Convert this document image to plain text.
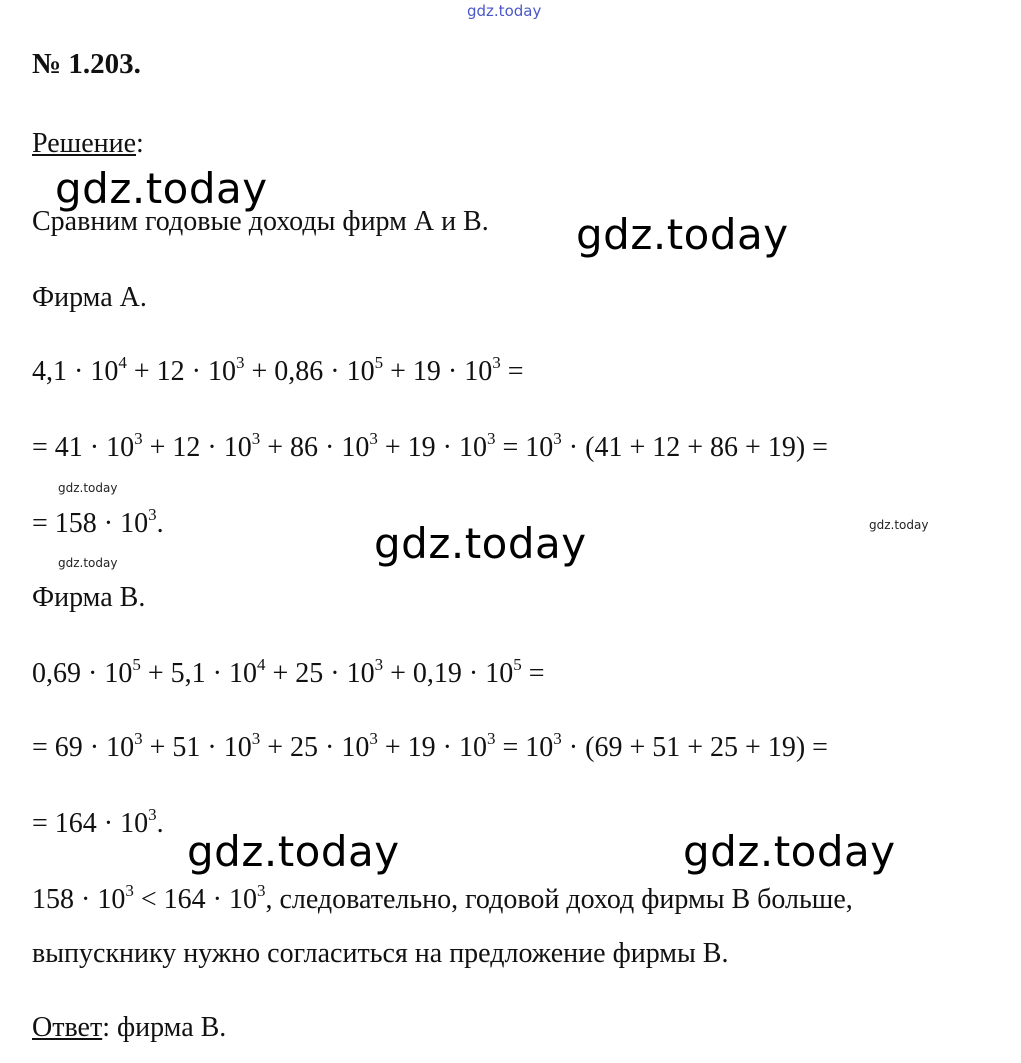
gdz.today
gdz.today
gdz.today
gdz.today
gdz.today
gdz.today
gdz.today
gdz.today	gdz.today
№ 1.203.
Решение:
Сравним годовые доходы фирм А и В.
Фирма А.
$4,1 \cdot 10^4 + 12 \cdot 10^3 + 0,86 \cdot 10^5 + 19 \cdot 10^3$ =
= $41 \cdot 10^3 + 12 \cdot 10^3 + 86 \cdot 10^3 + 19 \cdot 10^3 = 10^3 \cdot (41 + 12 + 86 + 19)$ =
= $158 \cdot 10^3$.
Фирма В.
$0,69 \cdot 10^5 + 5,1 \cdot 10^4 + 25 \cdot 10^3 + 0,19 \cdot 10^5$ =
= $69 \cdot 10^3 + 51 \cdot 10^3 + 25 \cdot 10^3 + 19 \cdot 10^3 = 10^3 \cdot (69 + 51 + 25 + 19)$ =
= $164 \cdot 10^3$.
$158 \cdot 10^3 < 164 \cdot 10^3$, следовательно, годовой доход фирмы В больше,
выпускнику нужно согласиться на предложение фирмы В.
Ответ: фирма В.
